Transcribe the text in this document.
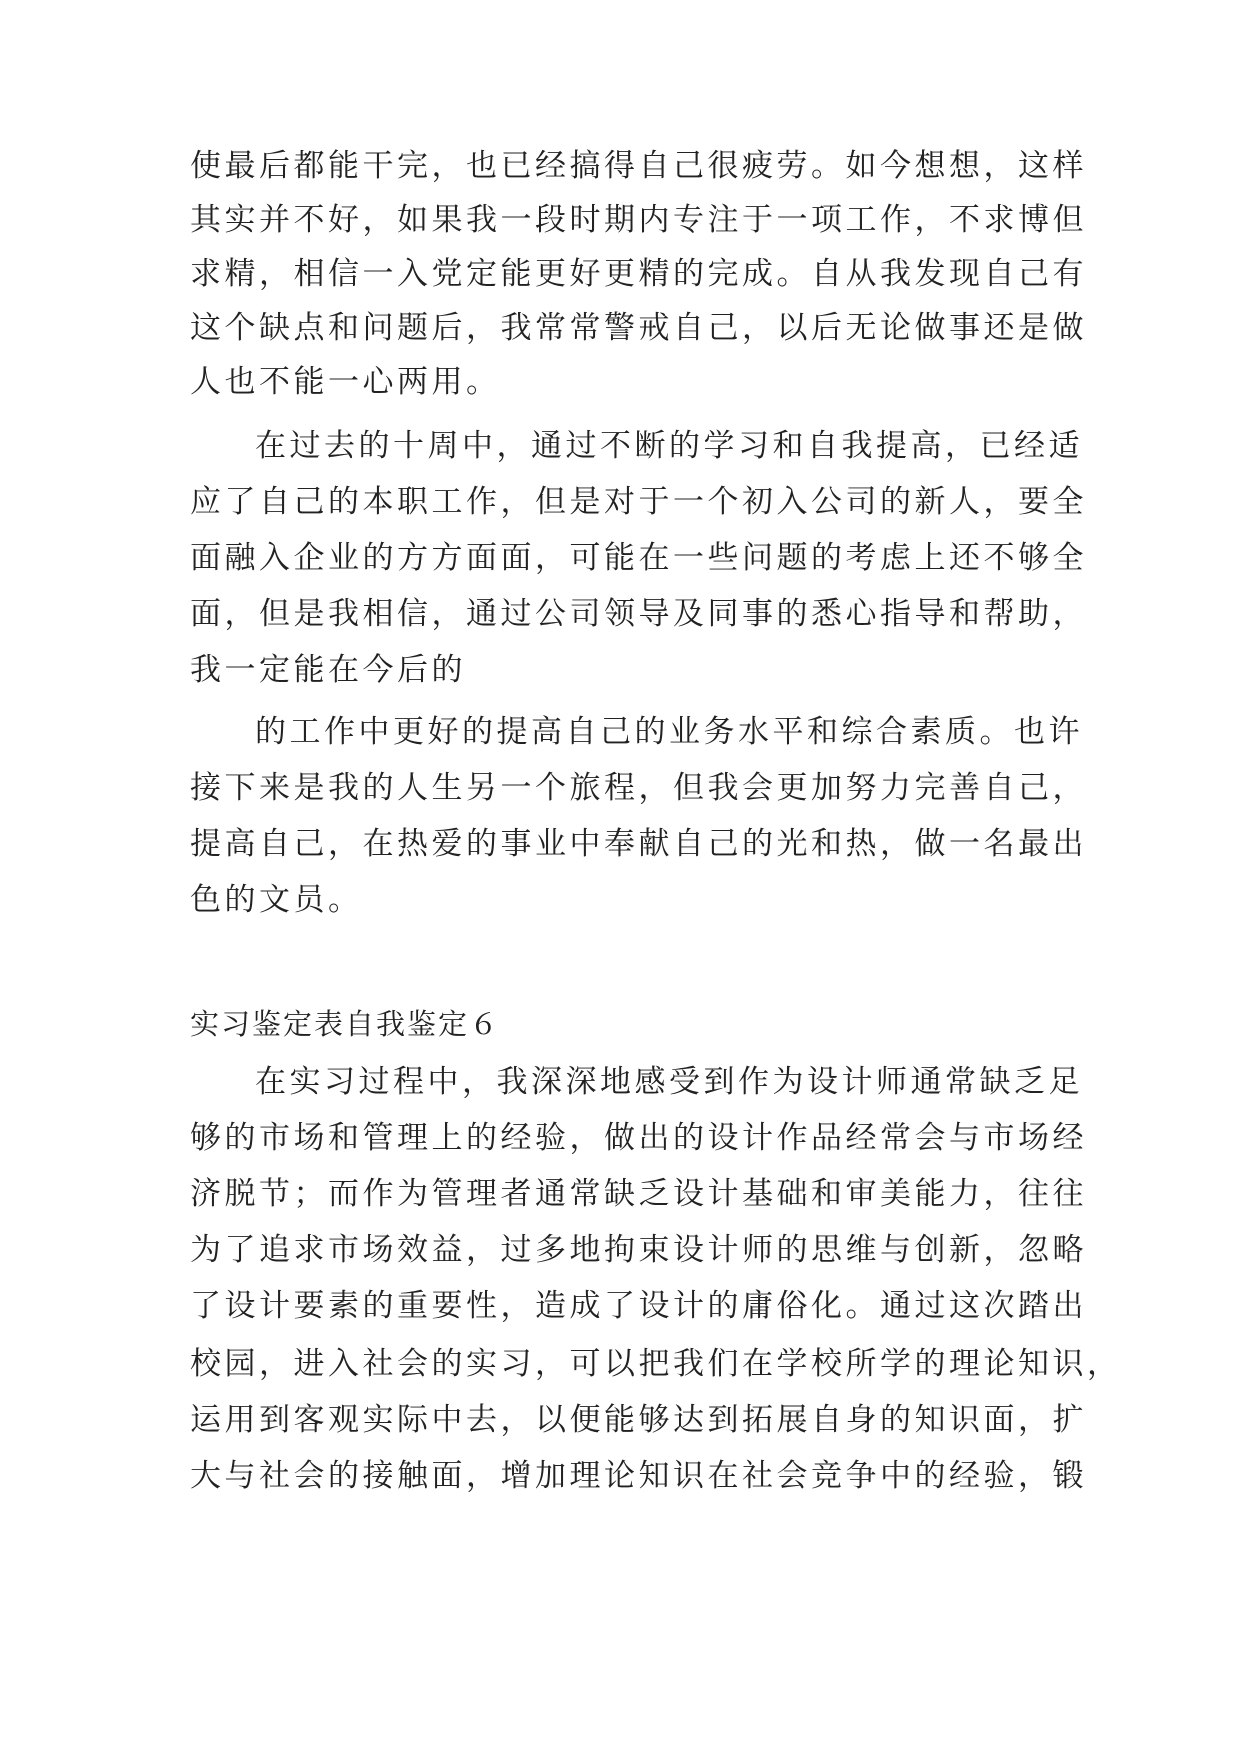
使最后都能干完，也已经搞得自己很疲劳。如今想想，这样
其实并不好，如果我一段时期内专注于一项工作，不求博但
求精，相信一入党定能更好更精的完成。自从我发现自己有
这个缺点和问题后，我常常警戒自己，以后无论做事还是做
人也不能一心两用。
在过去的十周中，通过不断的学习和自我提高，已经适
应了自己的本职工作，但是对于一个初入公司的新人，要全
面融入企业的方方面面，可能在一些问题的考虑上还不够全
面，但是我相信，通过公司领导及同事的悉心指导和帮助，
我一定能在今后的
的工作中更好的提高自己的业务水平和综合素质。也许
接下来是我的人生另一个旅程，但我会更加努力完善自己，
提高自己，在热爱的事业中奉献自己的光和热，做一名最出
色的文员。
实习鉴定表自我鉴定６
在实习过程中，我深深地感受到作为设计师通常缺乏足
够的市场和管理上的经验，做出的设计作品经常会与市场经
济脱节；而作为管理者通常缺乏设计基础和审美能力，往往
为了追求市场效益，过多地拘束设计师的思维与创新，忽略
了设计要素的重要性，造成了设计的庸俗化。通过这次踏出
校园，进入社会的实习，可以把我们在学校所学的理论知识，
运用到客观实际中去，以便能够达到拓展自身的知识面，扩
大与社会的接触面，增加理论知识在社会竞争中的经验，锻
